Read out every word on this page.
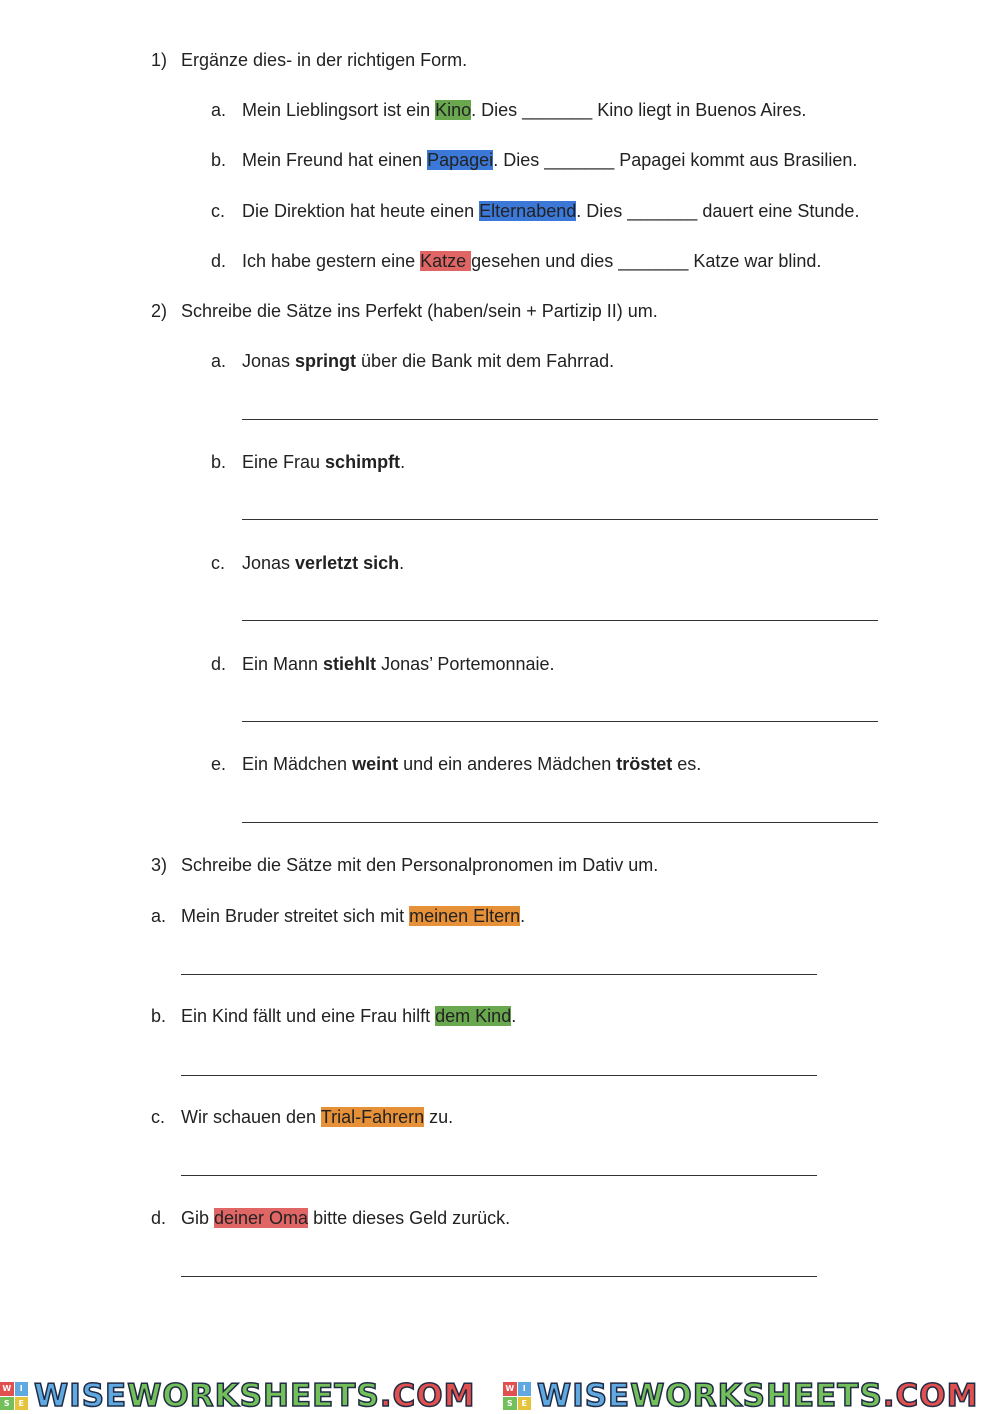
1) Ergänze dies- in der richtigen Form.
a. Mein Lieblingsort ist ein Kino. Dies _______ Kino liegt in Buenos Aires.
b. Mein Freund hat einen Papagei. Dies _______ Papagei kommt aus Brasilien.
c. Die Direktion hat heute einen Elternabend. Dies _______ dauert eine Stunde.
d. Ich habe gestern eine Katze gesehen und dies _______ Katze war blind.
2) Schreibe die Sätze ins Perfekt (haben/sein + Partizip II) um.
a. Jonas springt über die Bank mit dem Fahrrad.
b. Eine Frau schimpft.
c. Jonas verletzt sich.
d. Ein Mann stiehlt Jonas’ Portemonnaie.
e. Ein Mädchen weint und ein anderes Mädchen tröstet es.
3) Schreibe die Sätze mit den Personalpronomen im Dativ um.
a. Mein Bruder streitet sich mit meinen Eltern.
b. Ein Kind fällt und eine Frau hilft dem Kind.
c. Wir schauen den Trial-Fahrern zu.
d. Gib deiner Oma bitte dieses Geld zurück.
W	I
S	E WISEWORKSHEETS.COM	W	I
S	E WISEWORKSHEETS.COM
